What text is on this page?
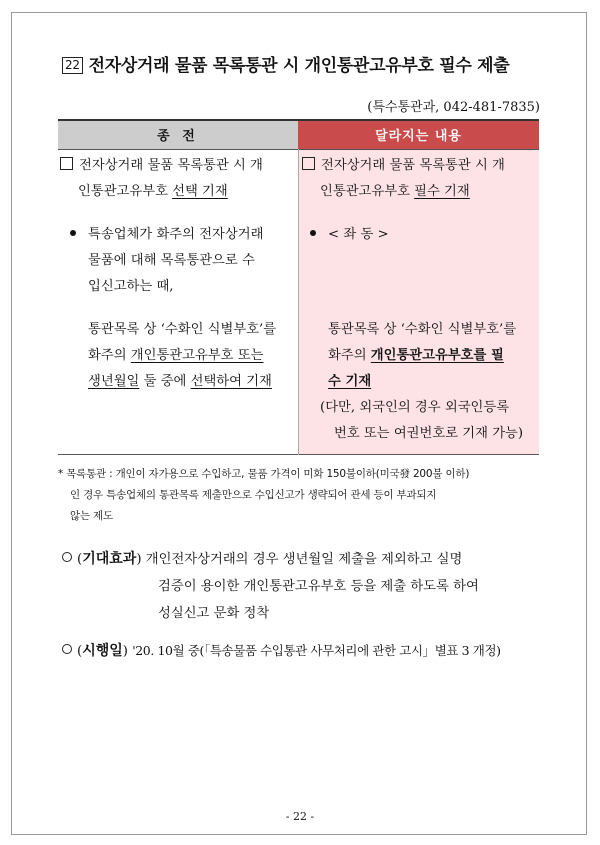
22 전자상거래 물품 목록통관 시 개인통관고유부호 필수 제출
(특수통관과, 042-481-7835)
종 전	달라지는 내용
전자상거래 물품 목록통관 시 개
인통관고유부호 선택 기재
특송업체가 화주의 전자상거래
물품에 대해 목록통관으로 수
입신고하는 때,
통관목록 상 ‘수화인 식별부호’를
화주의 개인통관고유부호 또는
생년월일 둘 중에 선택하여 기재
전자상거래 물품 목록통관 시 개
인통관고유부호 필수 기재
< 좌 동 >
통관목록 상 ‘수화인 식별부호’를
화주의 개인통관고유부호를 필
수 기재
(다만, 외국인의 경우 외국인등록
번호 또는 여권번호로 기재 가능)
* 목록통관 : 개인이 자가용으로 수입하고, 물품 가격이 미화 150불이하(미국發 200불 이하)
인 경우 특송업체의 통관목록 제출만으로 수입신고가 생략되어 관세 등이 부과되지
않는 제도
(기대효과) 개인전자상거래의 경우 생년월일 제출을 제외하고 실명
검증이 용이한 개인통관고유부호 등을 제출 하도록 하여
성실신고 문화 정착
(시행일) '20. 10월 중(「특송물품 수입통관 사무처리에 관한 고시」별표 3 개정)
- 22 -
